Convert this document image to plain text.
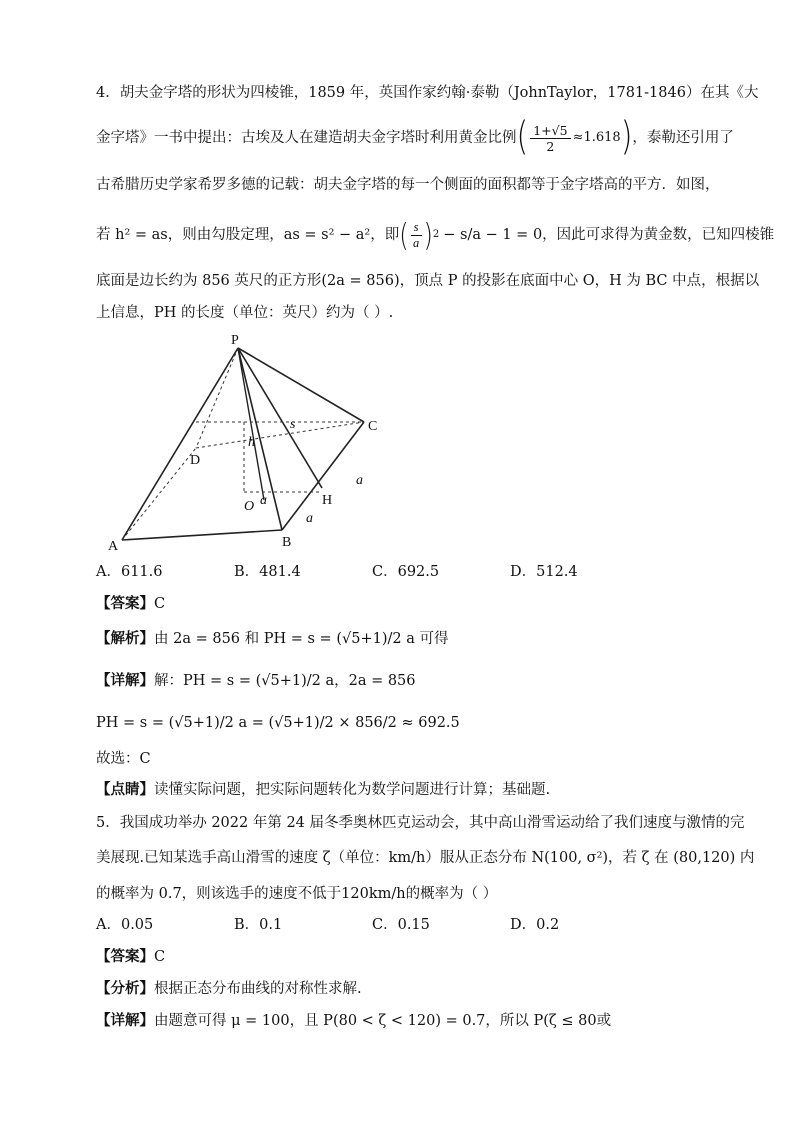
4．胡夫金字塔的形状为四棱锥，1859 年，英国作家约翰·泰勒（JohnTaylor，1781-1846）在其《大
金字塔》一书中提出：古埃及人在建造胡夫金字塔时利用黄金比例 ( $\frac{1+√5}{2} \approx 1.618$ ) ，泰勒还引用了
古希腊历史学家希罗多德的记载：胡夫金字塔的每一个侧面的面积都等于金字塔高的平方．如图，
若 h² = as，则由勾股定理，as = s² − a²，即 ( $\frac{s}{a}$ ) 2 − s/a − 1 = 0，因此可求得 为黄金数，已知四棱锥
底面是边长约为 856 英尺的正方形(2a = 856)，顶点 P 的投影在底面中心 O，H 为 BC 中点，根据以
上信息，PH 的长度（单位：英尺）约为（ ）.
P
D
C
A	B
O	H
h
s
a
a
a
A．611.6	B．481.4	C．692.5	D．512.4
【答案】C
【解析】由 2a = 856 和 PH = s = (√5+1)/2 a 可得
【详解】解：PH = s = (√5+1)/2 a，2a = 856
PH = s = (√5+1)/2 a = (√5+1)/2 × 856/2 ≈ 692.5
故选：C
【点睛】读懂实际问题，把实际问题转化为数学问题进行计算；基础题.
5．我国成功举办 2022 年第 24 届冬季奥林匹克运动会，其中高山滑雪运动给了我们速度与激情的完
美展现.已知某选手高山滑雪的速度 ζ（单位：km/h）服从正态分布 N(100, σ²)，若 ζ 在 (80,120) 内
的概率为 0.7，则该选手的速度不低于120km/h的概率为（ ）
A．0.05	B．0.1	C．0.15	D．0.2
【答案】C
【分析】根据正态分布曲线的对称性求解.
【详解】由题意可得 μ = 100，且 P(80 < ζ < 120) = 0.7，所以 P(ζ ≤ 80或
